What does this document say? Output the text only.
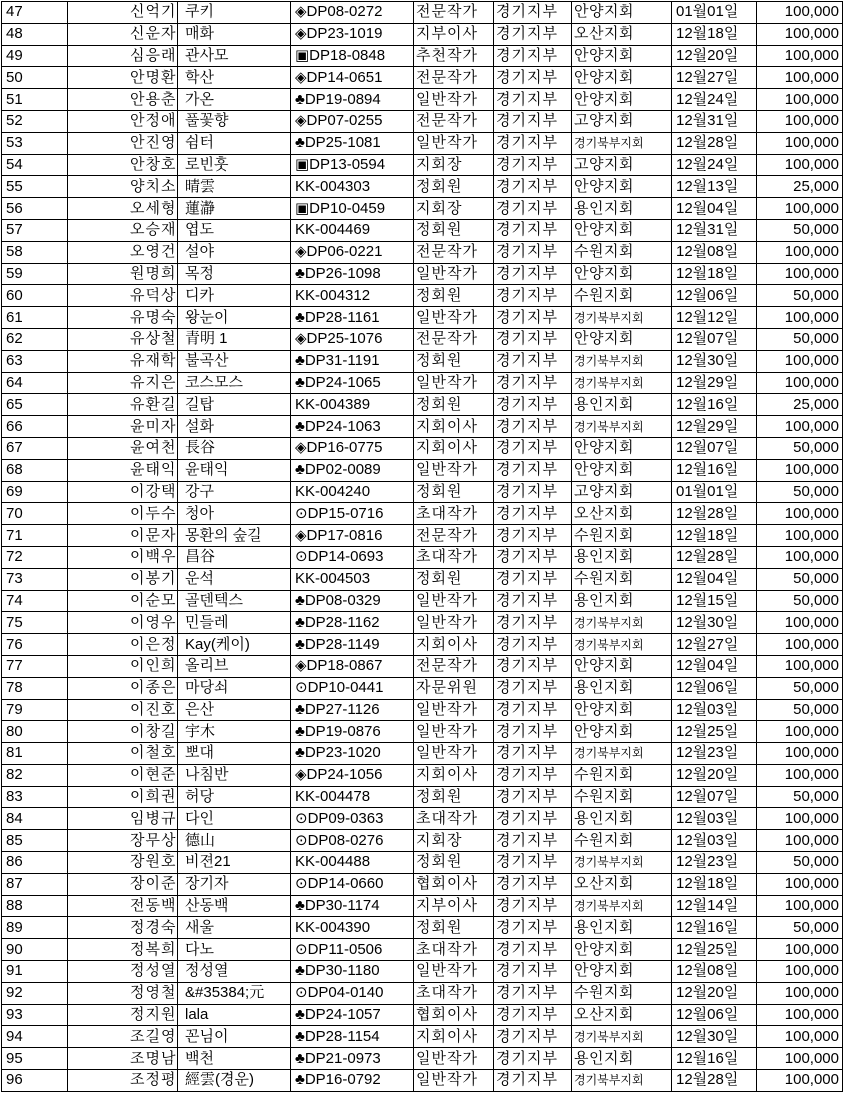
47	신억기	쿠키	◈DP08-0272	전문작가	경기지부	안양지회	01월01일	100,000
48	신운자	매화	◈DP23-1019	지부이사	경기지부	오산지회	12월18일	100,000
49	심응래	관사모	▣DP18-0848	추천작가	경기지부	안양지회	12월20일	100,000
50	안명환	학산	◈DP14-0651	전문작가	경기지부	안양지회	12월27일	100,000
51	안용춘	가온	♣DP19-0894	일반작가	경기지부	안양지회	12월24일	100,000
52	안정애	풀꽃향	◈DP07-0255	전문작가	경기지부	고양지회	12월31일	100,000
53	안진영	쉼터	♣DP25-1081	일반작가	경기지부	경기북부지회	12월28일	100,000
54	안창호	로빈훗	▣DP13-0594	지회장	경기지부	고양지회	12월24일	100,000
55	양치소	晴雲	KK-004303	정회원	경기지부	안양지회	12월13일	25,000
56	오세형	蓮瀞	▣DP10-0459	지회장	경기지부	용인지회	12월04일	100,000
57	오승재	엽도	KK-004469	정회원	경기지부	안양지회	12월31일	50,000
58	오영건	설야	◈DP06-0221	전문작가	경기지부	수원지회	12월08일	100,000
59	원명희	목정	♣DP26-1098	일반작가	경기지부	안양지회	12월18일	100,000
60	유덕상	디카	KK-004312	정회원	경기지부	수원지회	12월06일	50,000
61	유명숙	왕눈이	♣DP28-1161	일반작가	경기지부	경기북부지회	12월12일	100,000
62	유상철	青明 1	◈DP25-1076	전문작가	경기지부	안양지회	12월07일	50,000
63	유재학	불곡산	♣DP31-1191	정회원	경기지부	경기북부지회	12월30일	100,000
64	유지은	코스모스	♣DP24-1065	일반작가	경기지부	경기북부지회	12월29일	100,000
65	유환길	길탑	KK-004389	정회원	경기지부	용인지회	12월16일	25,000
66	윤미자	설화	♣DP24-1063	지회이사	경기지부	경기북부지회	12월29일	100,000
67	윤여천	長谷	◈DP16-0775	지회이사	경기지부	안양지회	12월07일	50,000
68	윤태익	윤태익	♣DP02-0089	일반작가	경기지부	안양지회	12월16일	100,000
69	이강택	강구	KK-004240	정회원	경기지부	고양지회	01월01일	50,000
70	이두수	청아	⊙DP15-0716	초대작가	경기지부	오산지회	12월28일	100,000
71	이문자	몽환의 숲길	◈DP17-0816	전문작가	경기지부	수원지회	12월18일	100,000
72	이백우	昌谷	⊙DP14-0693	초대작가	경기지부	용인지회	12월28일	100,000
73	이봉기	운석	KK-004503	정회원	경기지부	수원지회	12월04일	50,000
74	이순모	골덴텍스	♣DP08-0329	일반작가	경기지부	용인지회	12월15일	50,000
75	이영우	민들레	♣DP28-1162	일반작가	경기지부	경기북부지회	12월30일	100,000
76	이은정	Kay(케이)	♣DP28-1149	지회이사	경기지부	경기북부지회	12월27일	100,000
77	이인희	올리브	◈DP18-0867	전문작가	경기지부	안양지회	12월04일	100,000
78	이종은	마당쇠	⊙DP10-0441	자문위원	경기지부	용인지회	12월06일	50,000
79	이진호	은산	♣DP27-1126	일반작가	경기지부	안양지회	12월03일	50,000
80	이창길	宇木	♣DP19-0876	일반작가	경기지부	안양지회	12월25일	100,000
81	이철호	뽀대	♣DP23-1020	일반작가	경기지부	경기북부지회	12월23일	100,000
82	이현준	나침반	◈DP24-1056	지회이사	경기지부	수원지회	12월20일	100,000
83	이희권	허당	KK-004478	정회원	경기지부	수원지회	12월07일	50,000
84	임병규	다인	⊙DP09-0363	초대작가	경기지부	용인지회	12월03일	100,000
85	장무상	德山	⊙DP08-0276	지회장	경기지부	수원지회	12월03일	100,000
86	장원호	비젼21	KK-004488	정회원	경기지부	경기북부지회	12월23일	50,000
87	장이준	장기자	⊙DP14-0660	협회이사	경기지부	오산지회	12월18일	100,000
88	전동백	산동백	♣DP30-1174	지부이사	경기지부	경기북부지회	12월14일	100,000
89	정경숙	새울	KK-004390	정회원	경기지부	용인지회	12월16일	50,000
90	정복희	다노	⊙DP11-0506	초대작가	경기지부	안양지회	12월25일	100,000
91	정성열	정성열	♣DP30-1180	일반작가	경기지부	안양지회	12월08일	100,000
92	정영철	&#35384;元	⊙DP04-0140	초대작가	경기지부	수원지회	12월20일	100,000
93	정지원	lala	♣DP24-1057	협회이사	경기지부	오산지회	12월06일	100,000
94	조길영	꼰님이	♣DP28-1154	지회이사	경기지부	경기북부지회	12월30일	100,000
95	조명남	백천	♣DP21-0973	일반작가	경기지부	용인지회	12월16일	100,000
96	조정평	經雲(경운)	♣DP16-0792	일반작가	경기지부	경기북부지회	12월28일	100,000
